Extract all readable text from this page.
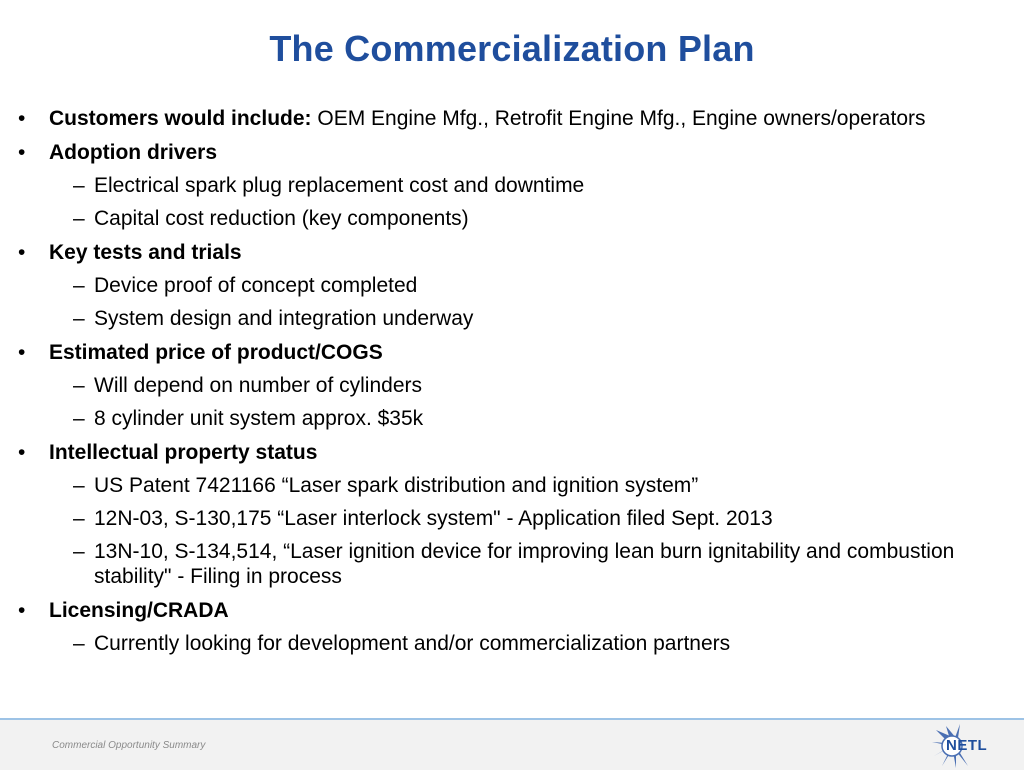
The Commercialization Plan
• Customers would include: OEM Engine Mfg., Retrofit Engine Mfg., Engine owners/operators
• Adoption drivers
– Electrical spark plug replacement cost and downtime
– Capital cost reduction (key components)
• Key tests and trials
– Device proof of concept completed
– System design and integration underway
• Estimated price of product/COGS
– Will depend on number of cylinders
– 8 cylinder unit system approx. $35k
• Intellectual property status
– US Patent 7421166 “Laser spark distribution and ignition system”
– 12N-03, S-130,175 “Laser interlock system" - Application filed Sept. 2013
– 13N-10, S-134,514, “Laser ignition device for improving lean burn ignitability and combustion stability" - Filing in process
• Licensing/CRADA
– Currently looking for development and/or commercialization partners
Commercial Opportunity Summary	NETL
